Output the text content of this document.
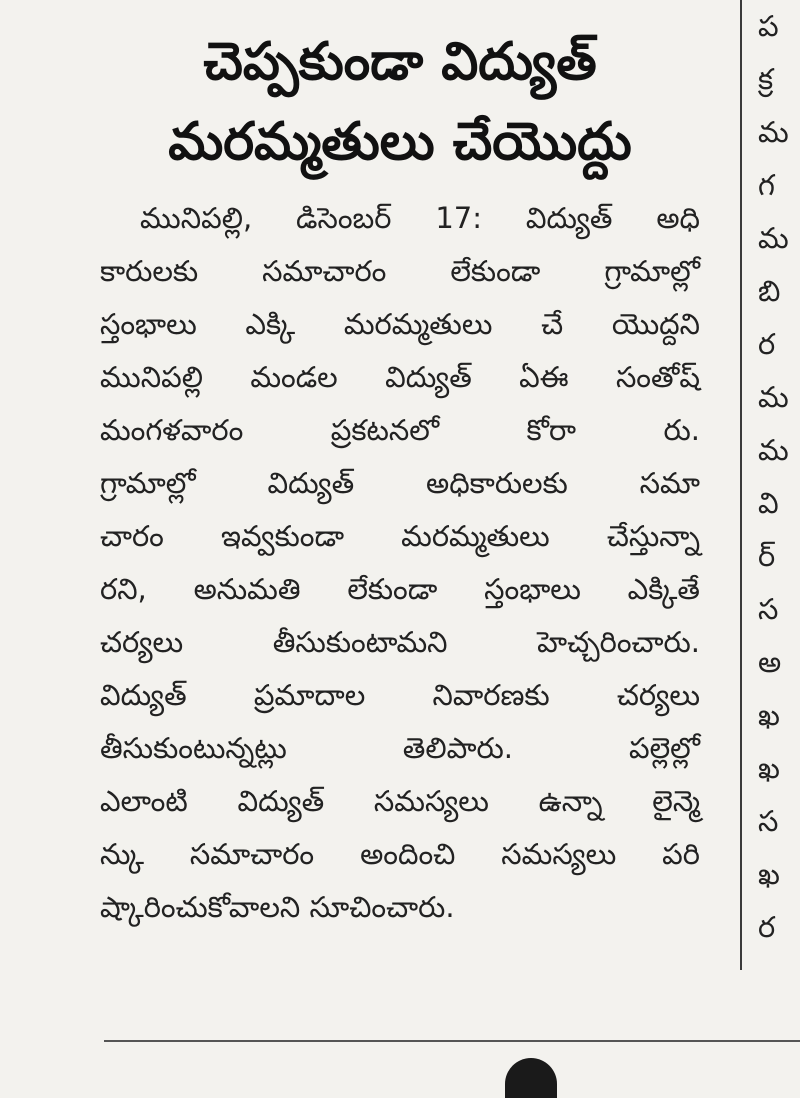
చెప్పకుండా విద్యుత్
మరమ్మతులు చేయొద్దు
మునిపల్లి, డిసెంబర్ 17: విద్యుత్ అధి
కారులకు సమాచారం లేకుండా గ్రామాల్లో
స్తంభాలు ఎక్కి మరమ్మతులు చే యొద్దని
మునిపల్లి మండల విద్యుత్ ఏఈ సంతోష్
మంగళవారం ప్రకటనలో కోరా రు.
గ్రామాల్లో విద్యుత్ అధికారులకు సమా
చారం ఇవ్వకుండా మరమ్మతులు చేస్తున్నా
రని, అనుమతి లేకుండా స్తంభాలు ఎక్కితే
చర్యలు తీసుకుంటామని హెచ్చరించారు.
విద్యుత్ ప్రమాదాల నివారణకు చర్యలు
తీసుకుంటున్నట్లు తెలిపారు. పల్లెల్లో
ఎలాంటి విద్యుత్ సమస్యలు ఉన్నా లైన్మె
న్కు సమాచారం అందించి సమస్యలు పరి
ష్కారించుకోవాలని సూచించారు.
ప
క్ర
మ
గ
మ
బి
ర
మ
మ
వి
ర్
స
అ
ఖ
ఖ
స
ఖ
ర
